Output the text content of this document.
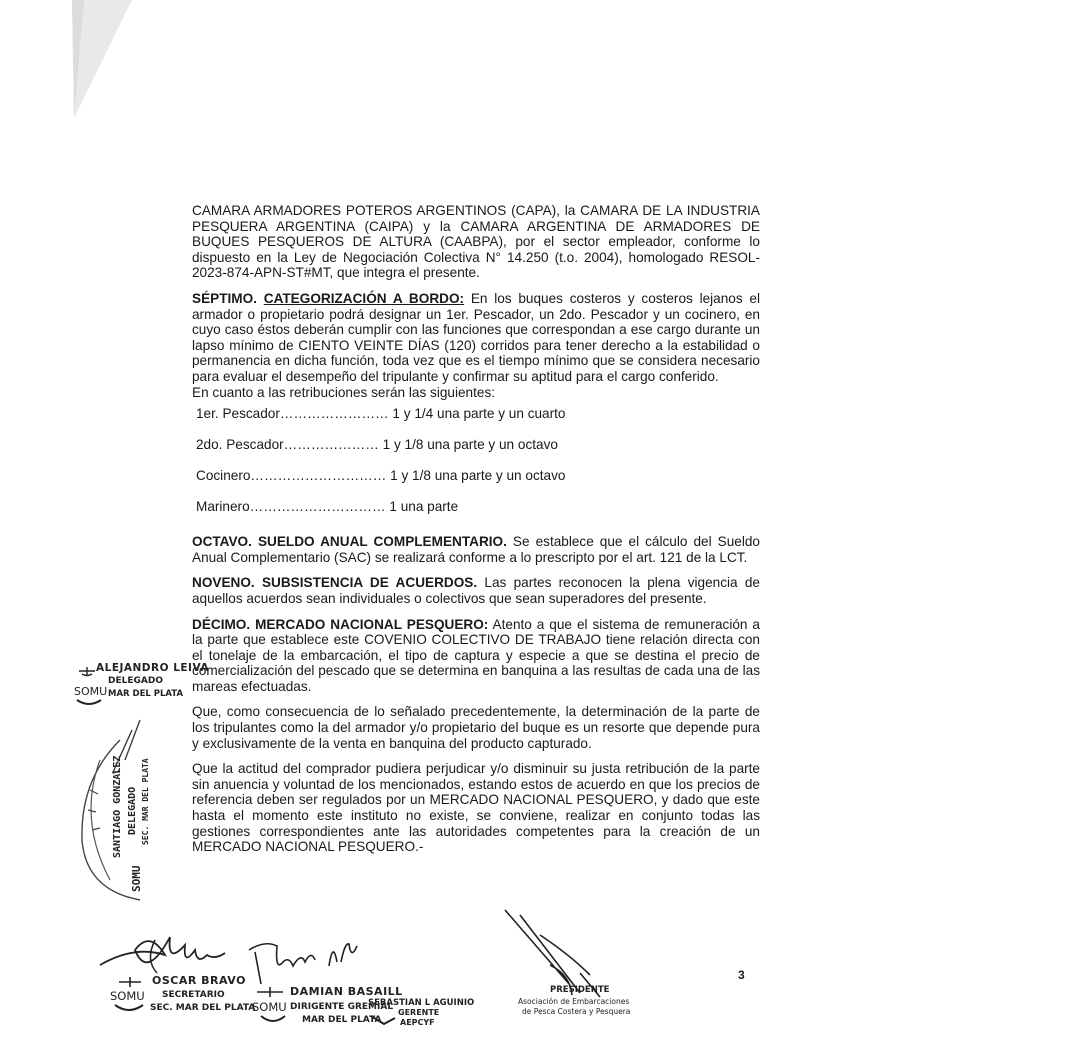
CAMARA ARMADORES POTEROS ARGENTINOS (CAPA), la CAMARA DE LA INDUSTRIA PESQUERA ARGENTINA (CAIPA) y la CAMARA ARGENTINA DE ARMADORES DE BUQUES PESQUEROS DE ALTURA (CAABPA), por el sector empleador, conforme lo dispuesto en la Ley de Negociación Colectiva N° 14.250 (t.o. 2004), homologado RESOL-2023-874-APN-ST#MT, que integra el presente.

SÉPTIMO. CATEGORIZACIÓN A BORDO: En los buques costeros y costeros lejanos el armador o propietario podrá designar un 1er. Pescador, un 2do. Pescador y un cocinero, en cuyo caso éstos deberán cumplir con las funciones que correspondan a ese cargo durante un lapso mínimo de CIENTO VEINTE DÍAS (120) corridos para tener derecho a la estabilidad o permanencia en dicha función, toda vez que es el tiempo mínimo que se considera necesario para evaluar el desempeño del tripulante y confirmar su aptitud para el cargo conferido.

En cuanto a las retribuciones serán las siguientes:

1er. Pescador…………………… 1 y 1/4 una parte y un cuarto
2do. Pescador………………… 1 y 1/8 una parte y un octavo
Cocinero………………………… 1 y 1/8 una parte y un octavo
Marinero………………………… 1 una parte

OCTAVO. SUELDO ANUAL COMPLEMENTARIO. Se establece que el cálculo del Sueldo Anual Complementario (SAC) se realizará conforme a lo prescripto por el art. 121 de la LCT.

NOVENO. SUBSISTENCIA DE ACUERDOS. Las partes reconocen la plena vigencia de aquellos acuerdos sean individuales o colectivos que sean superadores del presente.

DÉCIMO. MERCADO NACIONAL PESQUERO: Atento a que el sistema de remuneración a la parte que establece este COVENIO COLECTIVO DE TRABAJO tiene relación directa con el tonelaje de la embarcación, el tipo de captura y especie a que se destina el precio de comercialización del pescado que se determina en banquina a las resultas de cada una de las mareas efectuadas.

Que, como consecuencia de lo señalado precedentemente, la determinación de la parte de los tripulantes como la del armador y/o propietario del buque es un resorte que depende pura y exclusivamente de la venta en banquina del producto capturado.

Que la actitud del comprador pudiera perjudicar y/o disminuir su justa retribución de la parte sin anuencia y voluntad de los mencionados, estando estos de acuerdo en que los precios de referencia deben ser regulados por un MERCADO NACIONAL PESQUERO, y dado que este hasta el momento este instituto no existe, se conviene, realizar en conjunto todas las gestiones correspondientes ante las autoridades competentes para la creación de un MERCADO NACIONAL PESQUERO.-

3
ALEJANDRO LEIVA
DELEGADO
SOMU MAR DEL PLATA
SANTIAGO GONZALEZ DELEGADO SEC. MAR DEL PLATA
SOMU
OSCAR BRAVO
SOMU SECRETARIO
SEC. MAR DEL PLATA
DAMIAN BASAILL
SOMU DIRIGENTE GREMIAL
MAR DEL PLATA
SEBASTIAN L AGUINIO
GERENTE
AEPCYF
PRESIDENTE
Asociación de Embarcaciones
de Pesca Costera y Pesquera
